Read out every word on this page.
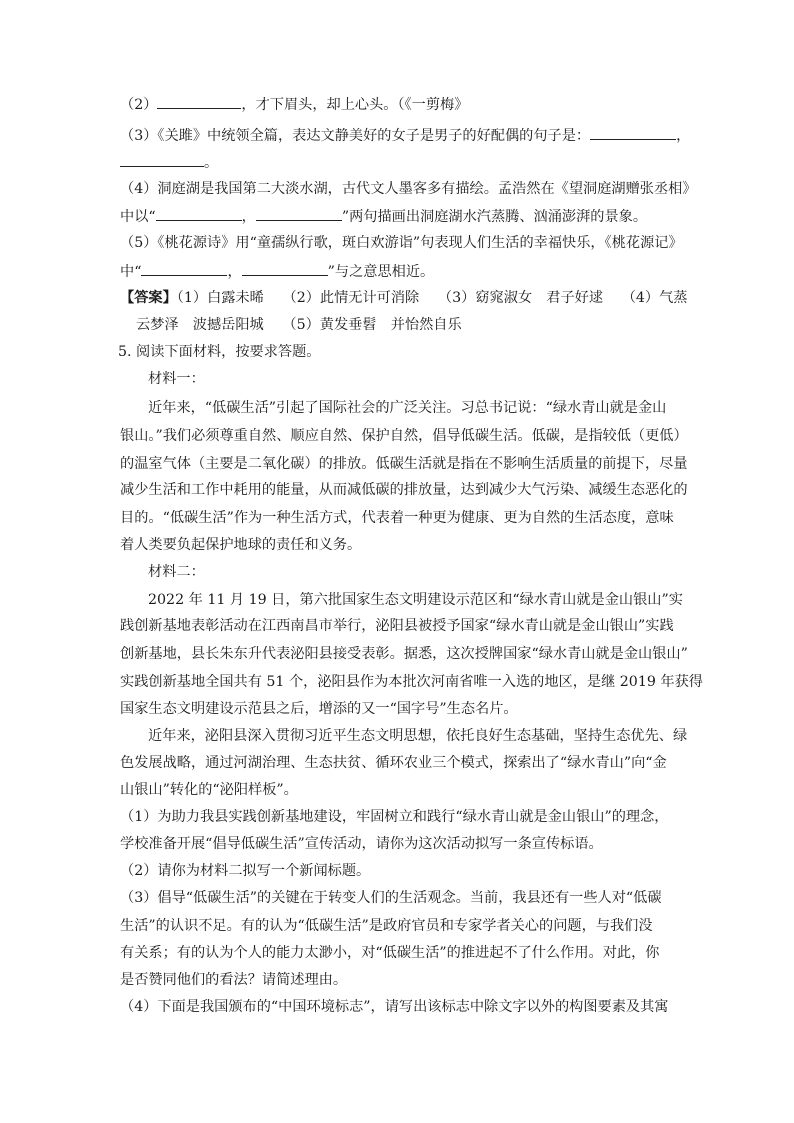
（2）	，才下眉头，却上心头。（《一剪梅》
（3）《关雎》中统领全篇，表达文静美好的女子是男子的好配偶的句子是：	，
。
（4）洞庭湖是我国第二大淡水湖，古代文人墨客多有描绘。孟浩然在《望洞庭湖赠张丞相》
中以“	，	”两句描画出洞庭湖水汽蒸腾、汹涌澎湃的景象。
（5）《桃花源诗》用“童孺纵行歌，斑白欢游诣”句表现人们生活的幸福快乐，《桃花源记》
中“	，	”与之意思相近。
【答案】（1）白露未晞　 （2）此情无计可消除　 （3）窈窕淑女　君子好逑　 （4）气蒸
云梦泽　波撼岳阳城　 （5）黄发垂髫　并怡然自乐
5. 阅读下面材料，按要求答题。
材料一：
近年来，“低碳生活”引起了国际社会的广泛关注。习总书记说：“绿水青山就是金山
银山。”我们必须尊重自然、顺应自然、保护自然，倡导低碳生活。低碳，是指较低（更低）
的温室气体（主要是二氧化碳）的排放。低碳生活就是指在不影响生活质量的前提下，尽量
减少生活和工作中耗用的能量，从而减低碳的排放量，达到减少大气污染、减缓生态恶化的
目的。“低碳生活”作为一种生活方式，代表着一种更为健康、更为自然的生活态度，意味
着人类要负起保护地球的责任和义务。
材料二：
2022 年 11 月 19 日，第六批国家生态文明建设示范区和“绿水青山就是金山银山”实
践创新基地表彰活动在江西南昌市举行，泌阳县被授予国家“绿水青山就是金山银山”实践
创新基地，县长朱东升代表泌阳县接受表彰。据悉，这次授牌国家“绿水青山就是金山银山”
实践创新基地全国共有 51 个，泌阳县作为本批次河南省唯一入选的地区，是继 2019 年获得
国家生态文明建设示范县之后，增添的又一“国字号”生态名片。
近年来，泌阳县深入贯彻习近平生态文明思想，依托良好生态基础，坚持生态优先、绿
色发展战略，通过河湖治理、生态扶贫、循环农业三个模式，探索出了“绿水青山”向“金
山银山”转化的“泌阳样板”。
（1）为助力我县实践创新基地建设，牢固树立和践行“绿水青山就是金山银山”的理念，
学校准备开展“倡导低碳生活”宣传活动，请你为这次活动拟写一条宣传标语。
（2）请你为材料二拟写一个新闻标题。
（3）倡导“低碳生活”的关键在于转变人们的生活观念。当前，我县还有一些人对“低碳
生活”的认识不足。有的认为“低碳生活”是政府官员和专家学者关心的问题，与我们没
有关系；有的认为个人的能力太渺小，对“低碳生活”的推进起不了什么作用。对此，你
是否赞同他们的看法？请简述理由。
（4）下面是我国颁布的“中国环境标志”，请写出该标志中除文字以外的构图要素及其寓
